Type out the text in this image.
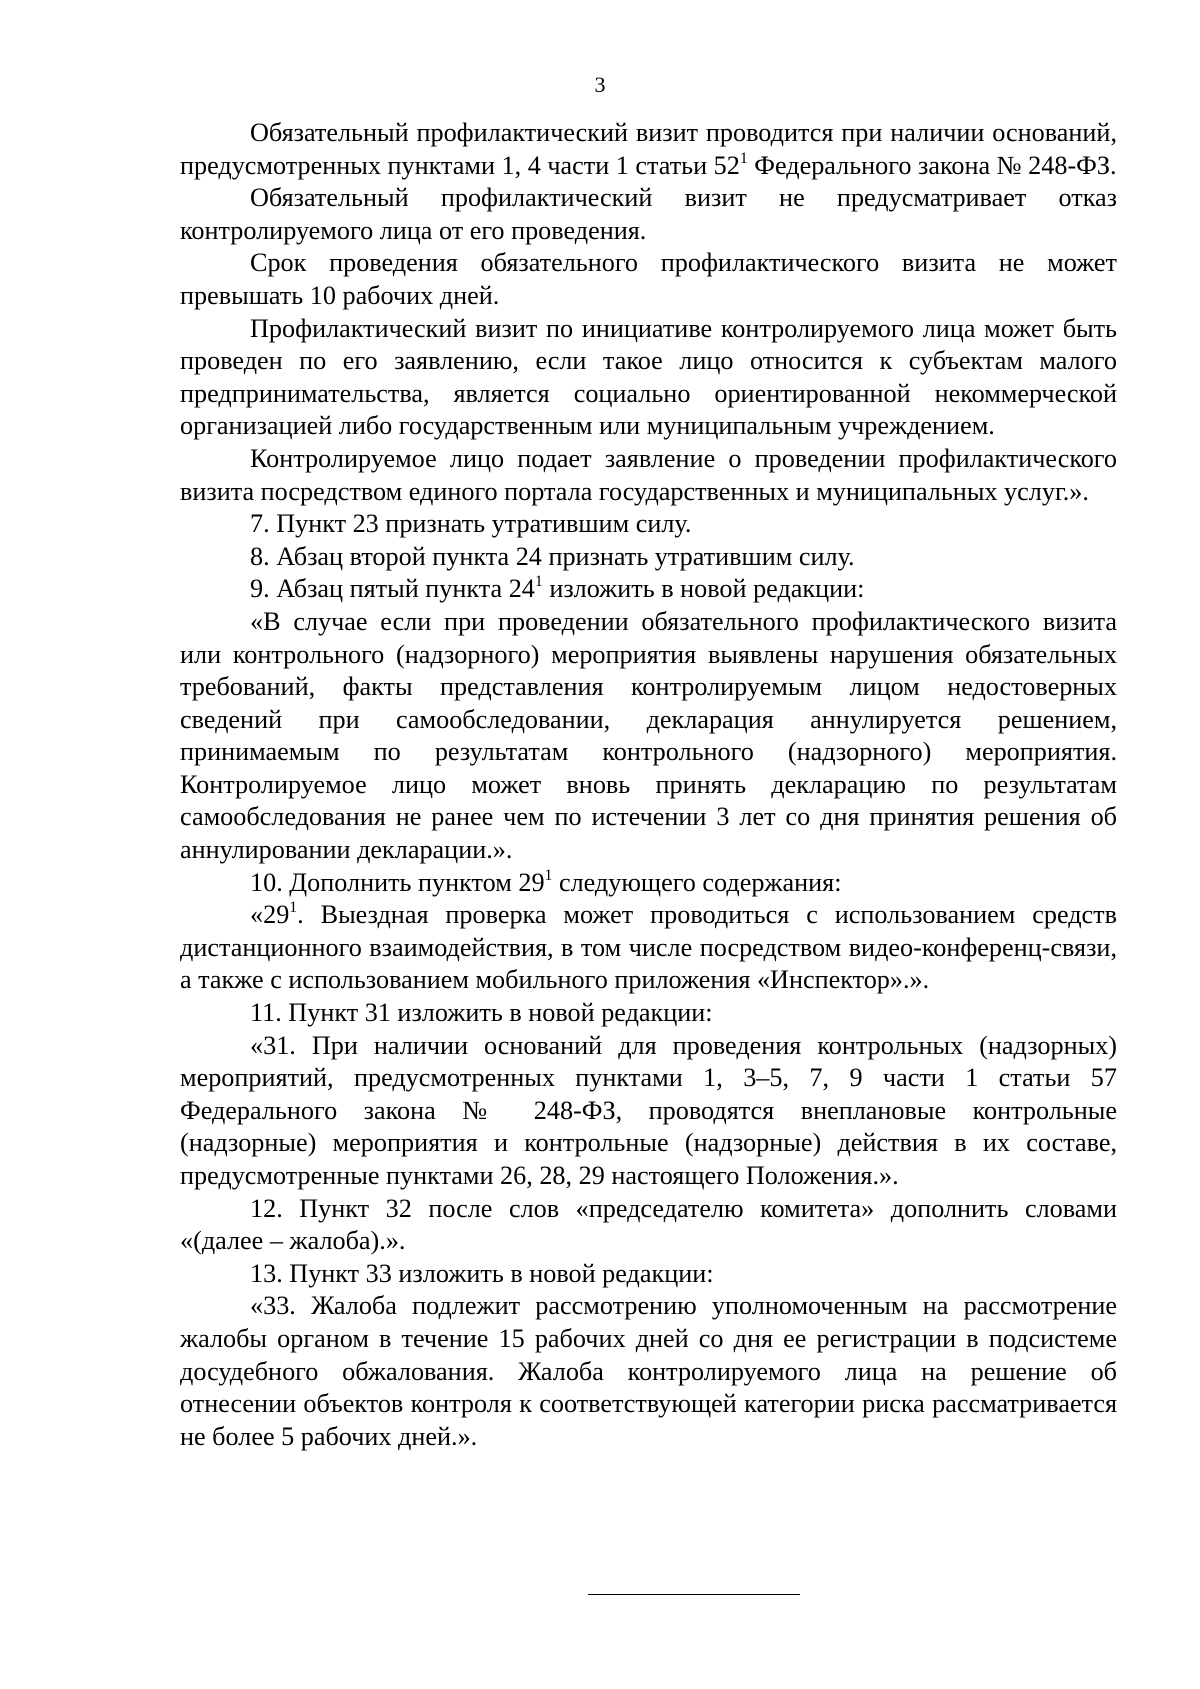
3

Обязательный профилактический визит проводится при наличии оснований, предусмотренных пунктами 1, 4 части 1 статьи $52^1$ Федерального закона № 248-ФЗ.

Обязательный профилактический визит не предусматривает отказ контролируемого лица от его проведения.

Срок проведения обязательного профилактического визита не может превышать 10 рабочих дней.

Профилактический визит по инициативе контролируемого лица может быть проведен по его заявлению, если такое лицо относится к субъектам малого предпринимательства, является социально ориентированной некоммерческой организацией либо государственным или муниципальным учреждением.

Контролируемое лицо подает заявление о проведении профилактического визита посредством единого портала государственных и муниципальных услуг.».

7. Пункт 23 признать утратившим силу.

8. Абзац второй пункта 24 признать утратившим силу.

9. Абзац пятый пункта $24^1$ изложить в новой редакции:

«В случае если при проведении обязательного профилактического визита или контрольного (надзорного) мероприятия выявлены нарушения обязательных требований, факты представления контролируемым лицом недостоверных сведений при самообследовании, декларация аннулируется решением, принимаемым по результатам контрольного (надзорного) мероприятия. Контролируемое лицо может вновь принять декларацию по результатам самообследования не ранее чем по истечении 3 лет со дня принятия решения об аннулировании декларации.».

10. Дополнить пунктом $29^1$ следующего содержания:

«$29^1$. Выездная проверка может проводиться с использованием средств дистанционного взаимодействия, в том числе посредством видео-конференц-связи, а также с использованием мобильного приложения «Инспектор».».

11. Пункт 31 изложить в новой редакции:

«31. При наличии оснований для проведения контрольных (надзорных) мероприятий, предусмотренных пунктами 1, 3–5, 7, 9 части 1 статьи 57 Федерального закона № 248-ФЗ, проводятся внеплановые контрольные (надзорные) мероприятия и контрольные (надзорные) действия в их составе, предусмотренные пунктами 26, 28, 29 настоящего Положения.».

12. Пункт 32 после слов «председателю комитета» дополнить словами «(далее – жалоба).».

13. Пункт 33 изложить в новой редакции:

«33. Жалоба подлежит рассмотрению уполномоченным на рассмотрение жалобы органом в течение 15 рабочих дней со дня ее регистрации в подсистеме досудебного обжалования. Жалоба контролируемого лица на решение об отнесении объектов контроля к соответствующей категории риска рассматривается не более 5 рабочих дней.».
